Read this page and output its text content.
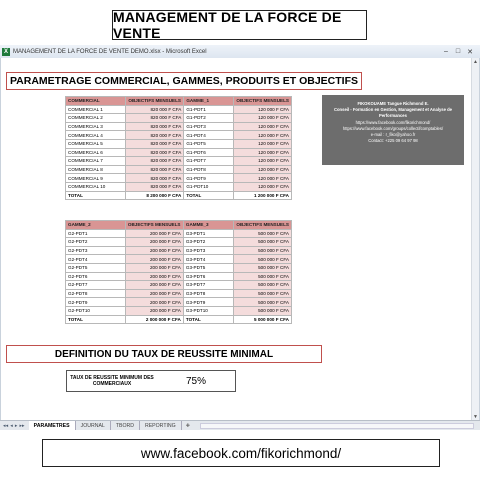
MANAGEMENT DE LA FORCE DE VENTE
X MANAGEMENT DE LA FORCE DE VENTE DEMO.xlsx - Microsoft Excel	– □ ✕
▲
▼
PARAMETRAGE COMMERCIAL, GAMMES, PRODUITS ET OBJECTIFS
FIKOKOUAME Tangue Richmond E.
Conseil - Formation en Gestion, Management et Analyse de
Performances
https://www.facebook.com/fikorichmond/
https://www.facebook.com/groups/collectifcomptables/
e-mail : r_fiko@yahoo.fr
Contact: +225 09 64 97 98
COMMERCIAL	OBJECTIFS MENSUELS	GAMME_1	OBJECTIFS MENSUELS
COMMERCIAL 1	820 000 F CFA	G1-PDT1	120 000 F CFA
COMMERCIAL 2	820 000 F CFA	G1-PDT2	120 000 F CFA
COMMERCIAL 3	820 000 F CFA	G1-PDT3	120 000 F CFA
COMMERCIAL 4	820 000 F CFA	G1-PDT4	120 000 F CFA
COMMERCIAL 5	820 000 F CFA	G1-PDT5	120 000 F CFA
COMMERCIAL 6	820 000 F CFA	G1-PDT6	120 000 F CFA
COMMERCIAL 7	820 000 F CFA	G1-PDT7	120 000 F CFA
COMMERCIAL 8	820 000 F CFA	G1-PDT8	120 000 F CFA
COMMERCIAL 9	820 000 F CFA	G1-PDT9	120 000 F CFA
COMMERCIAL 10	820 000 F CFA	G1-PDT10	120 000 F CFA
TOTAL	8 200 000 F CFA	TOTAL	1 200 000 F CFA
GAMME_2	OBJECTIFS MENSUELS	GAMME_3	OBJECTIFS MENSUELS
G2-PDT1	200 000 F CFA	G3-PDT1	500 000 F CFA
G2-PDT2	200 000 F CFA	G3-PDT2	500 000 F CFA
G2-PDT3	200 000 F CFA	G3-PDT3	500 000 F CFA
G2-PDT4	200 000 F CFA	G3-PDT4	500 000 F CFA
G2-PDT5	200 000 F CFA	G3-PDT5	500 000 F CFA
G2-PDT6	200 000 F CFA	G3-PDT6	500 000 F CFA
G2-PDT7	200 000 F CFA	G3-PDT7	500 000 F CFA
G2-PDT8	200 000 F CFA	G3-PDT8	500 000 F CFA
G2-PDT9	200 000 F CFA	G3-PDT9	500 000 F CFA
G2-PDT10	200 000 F CFA	G3-PDT10	500 000 F CFA
TOTAL	2 000 000 F CFA	TOTAL	5 000 000 F CFA
DEFINITION DU TAUX DE REUSSITE MINIMAL
TAUX DE REUSSITE MINIMUM DES COMMERCIAUX	75%
◂◂ ◂ ▸ ▸▸	PARAMETRES	JOURNAL	TBORD	REPORTING	✚
www.facebook.com/fikorichmond/
